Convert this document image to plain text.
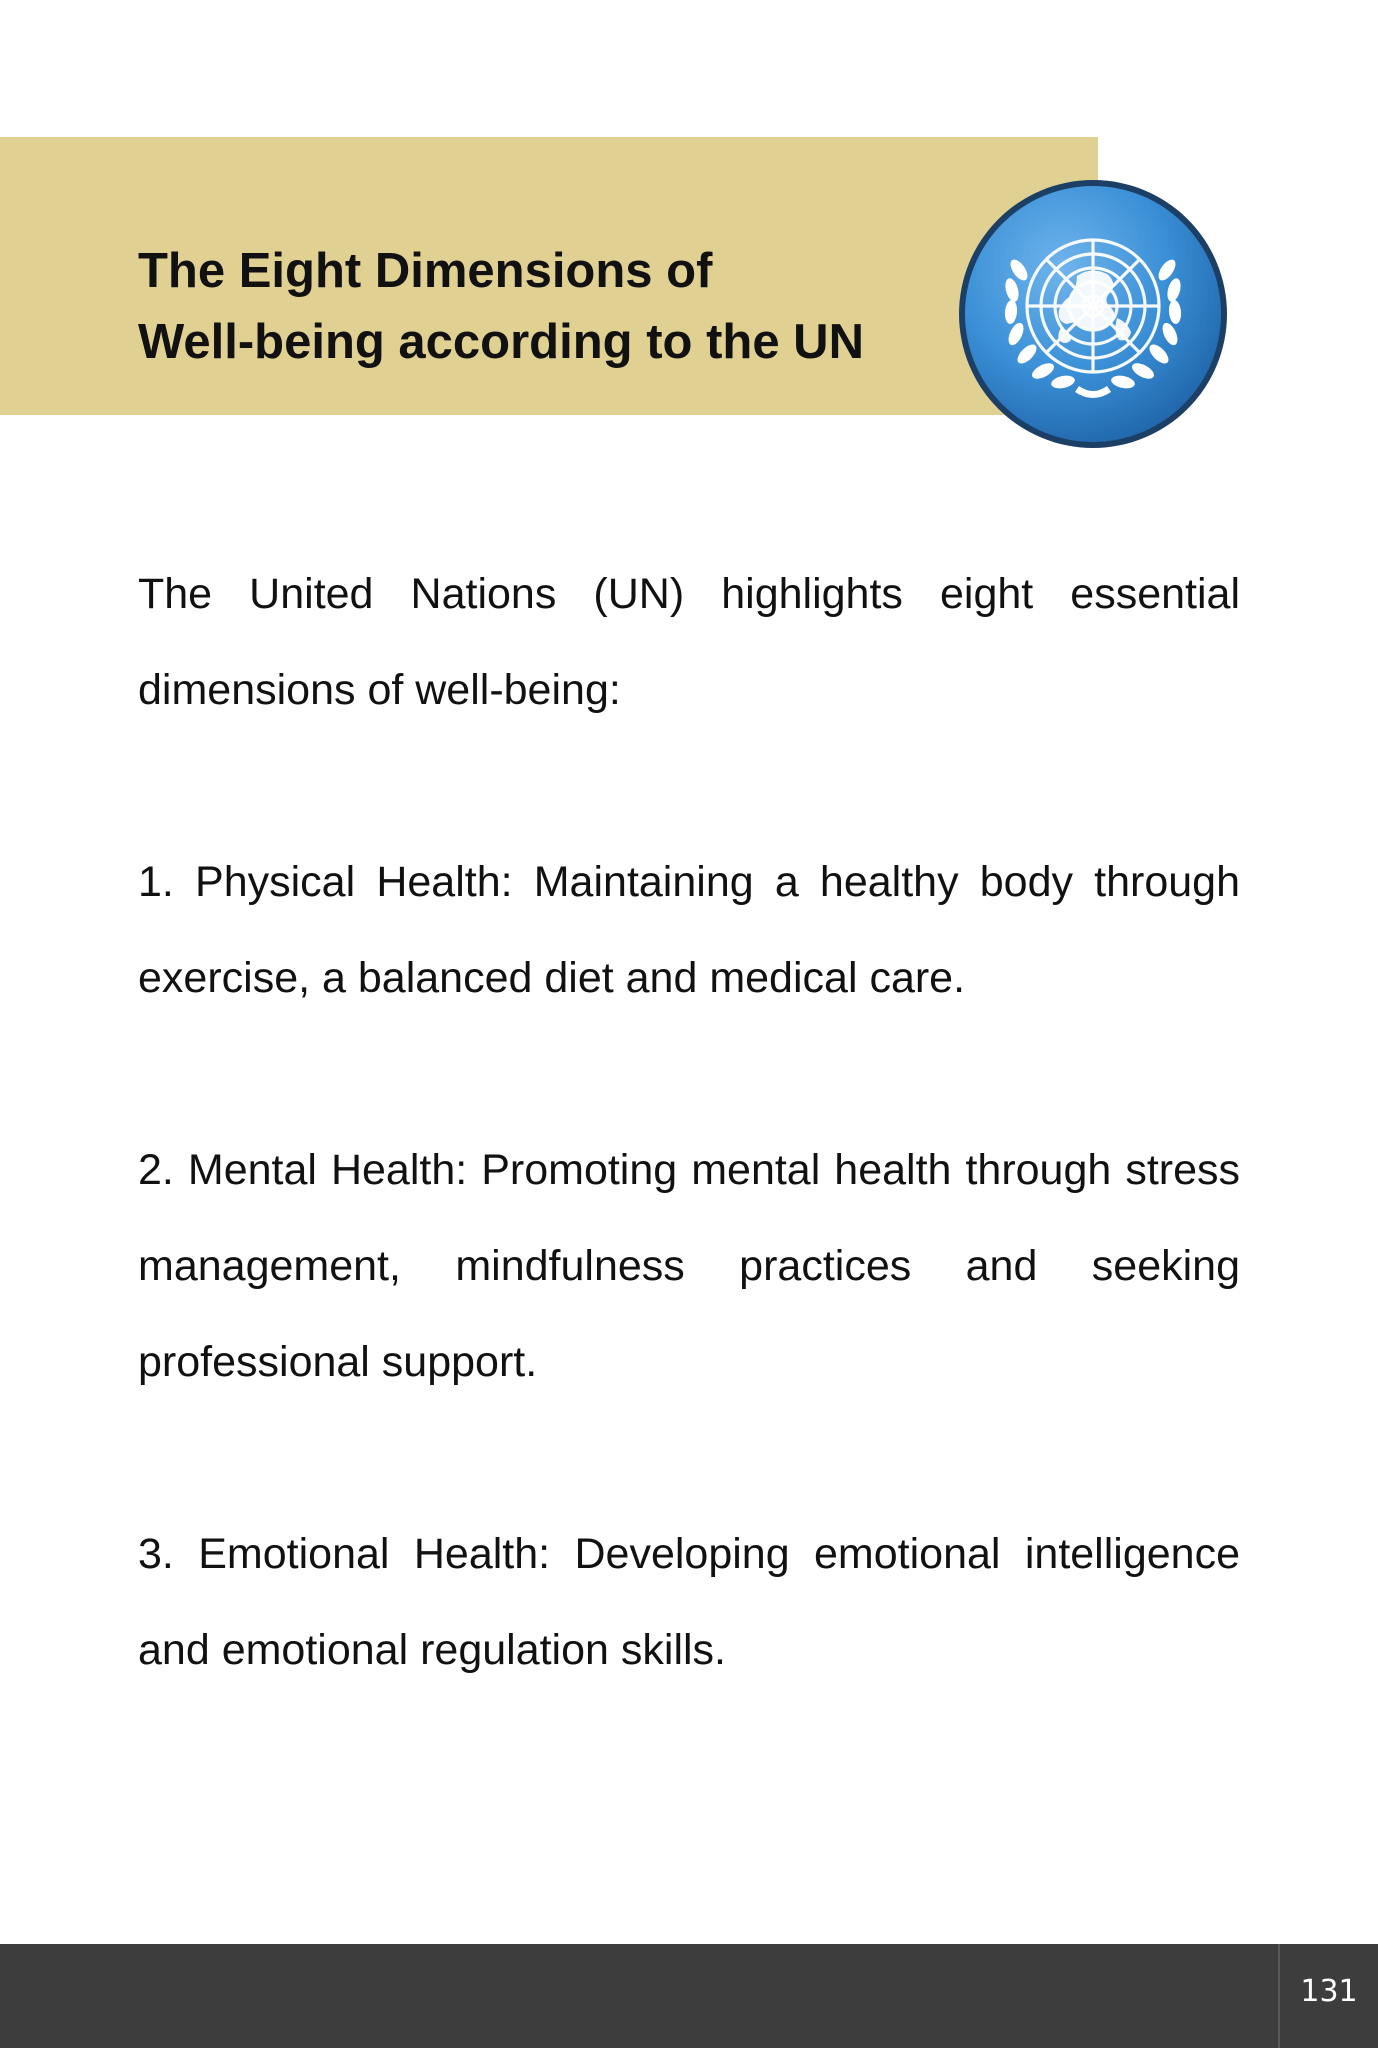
The Eight Dimensions of
Well-being according to the UN

The United Nations (UN) highlights eight essential dimensions of well-being:

1. Physical Health: Maintaining a healthy body through exercise, a balanced diet and medical care.

2. Mental Health: Promoting mental health through stress management, mindfulness practices and seeking professional support.

3. Emotional Health: Developing emotional intelligence and emotional regulation skills.

131
